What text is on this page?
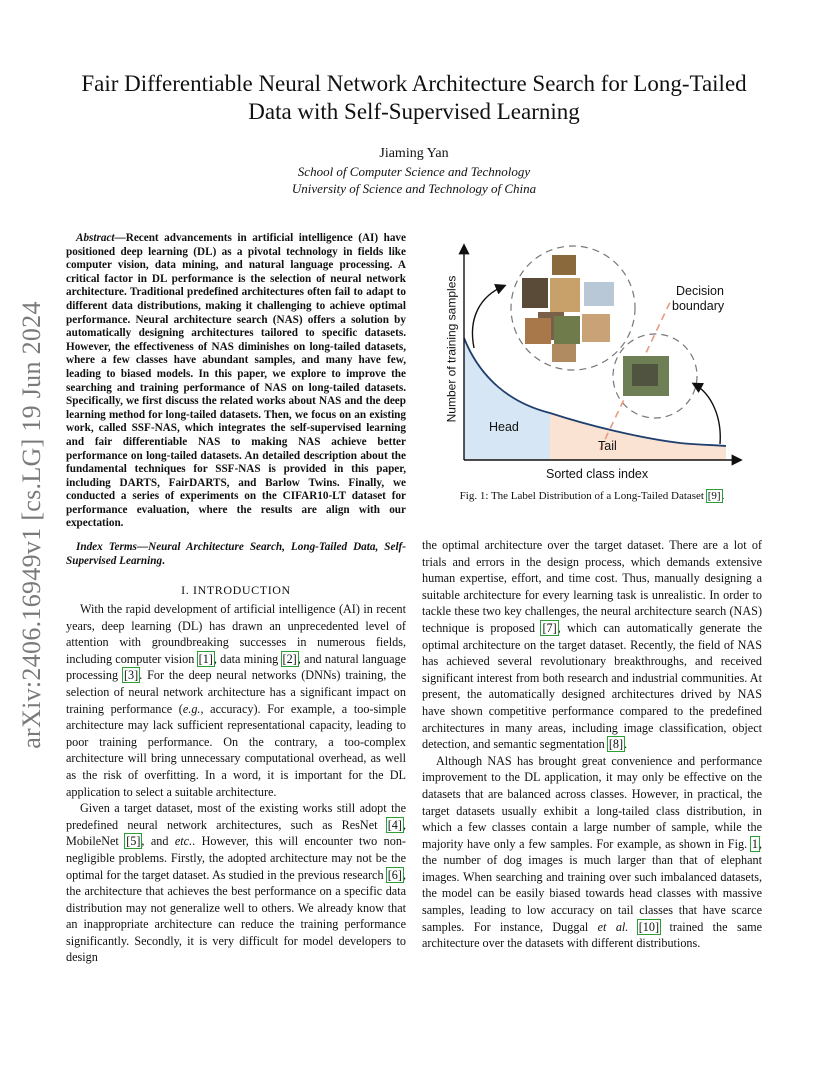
arXiv:2406.16949v1 [cs.LG] 19 Jun 2024
Fair Differentiable Neural Network Architecture Search for Long-Tailed Data with Self-Supervised Learning
Jiaming Yan
School of Computer Science and Technology
University of Science and Technology of China

Abstract—Recent advancements in artificial intelligence (AI) have positioned deep learning (DL) as a pivotal technology in fields like computer vision, data mining, and natural language processing. A critical factor in DL performance is the selection of neural network architecture. Traditional predefined architectures often fail to adapt to different data distributions, making it challenging to achieve optimal performance. Neural architecture search (NAS) offers a solution by automatically designing architectures tailored to specific datasets. However, the effectiveness of NAS diminishes on long-tailed datasets, where a few classes have abundant samples, and many have few, leading to biased models. In this paper, we explore to improve the searching and training performance of NAS on long-tailed datasets. Specifically, we first discuss the related works about NAS and the deep learning method for long-tailed datasets. Then, we focus on an existing work, called SSF-NAS, which integrates the self-supervised learning and fair differentiable NAS to making NAS achieve better performance on long-tailed datasets. An detailed description about the fundamental techniques for SSF-NAS is provided in this paper, including DARTS, FairDARTS, and Barlow Twins. Finally, we conducted a series of experiments on the CIFAR10-LT dataset for performance evaluation, where the results are align with our expectation.

Index Terms—Neural Architecture Search, Long-Tailed Data, Self-Supervised Learning.

I. INTRODUCTION

With the rapid development of artificial intelligence (AI) in recent years, deep learning (DL) has drawn an unprecedented level of attention with groundbreaking successes in numerous fields, including computer vision [1], data mining [2], and natural language processing [3]. For the deep neural networks (DNNs) training, the selection of neural network architecture has a significant impact on training performance (e.g., accuracy). For example, a too-simple architecture may lack sufficient representational capacity, leading to poor training performance. On the contrary, a too-complex architecture will bring unnecessary computational overhead, as well as the risk of overfitting. In a word, it is important for the DL application to select a suitable architecture.

Given a target dataset, most of the existing works still adopt the predefined neural network architectures, such as ResNet [4], MobileNet [5], and etc.. However, this will encounter two non-negligible problems. Firstly, the adopted architecture may not be the optimal for the target dataset. As studied in the previous research [6], the architecture that achieves the best performance on a specific data distribution may not generalize well to others. We already know that an inappropriate architecture can reduce the training performance significantly. Secondly, it is very difficult for model developers to design

Number of training samples
Sorted class index
Head
Tail
Decision
boundary
Fig. 1: The Label Distribution of a Long-Tailed Dataset [9].

the optimal architecture over the target dataset. There are a lot of trials and errors in the design process, which demands extensive human expertise, effort, and time cost. Thus, manually designing a suitable architecture for every learning task is unrealistic. In order to tackle these two key challenges, the neural architecture search (NAS) technique is proposed [7], which can automatically generate the optimal architecture on the target dataset. Recently, the field of NAS has achieved several revolutionary breakthroughs, and received significant interest from both research and industrial communities. At present, the automatically designed architectures drived by NAS have shown competitive performance compared to the predefined architectures in many areas, including image classification, object detection, and semantic segmentation [8].

Although NAS has brought great convenience and performance improvement to the DL application, it may only be effective on the datasets that are balanced across classes. However, in practical, the target datasets usually exhibit a long-tailed class distribution, in which a few classes contain a large number of sample, while the majority have only a few samples. For example, as shown in Fig. 1, the number of dog images is much larger than that of elephant images. When searching and training over such imbalanced datasets, the model can be easily biased towards head classes with massive samples, leading to low accuracy on tail classes that have scarce samples. For instance, Duggal et al. [10] trained the same architecture over the datasets with different distributions.
